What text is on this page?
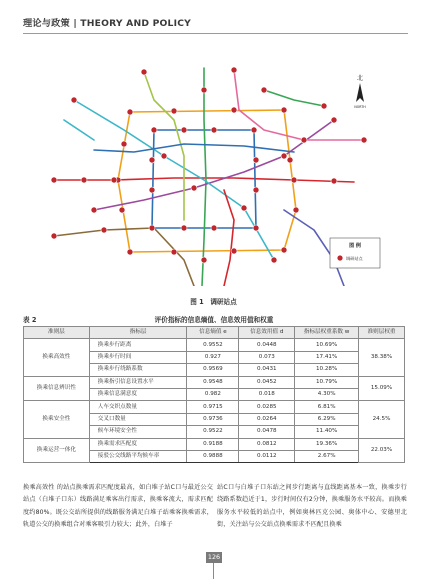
理论与政策 | THEORY AND POLICY
北
NORTH
图 例
调研站点
图 1　调研站点
表 2	评价指标的信息熵值、信息效用值和权重
准则层	指标层	信息熵值 e	信息效用值 d	指标层权重系数 w	准则层权重
换乘高效性	换乘步行距离	0.9552	0.0448	10.69%	38.38%
	换乘步行时间	0.927	0.073	17.41%	
	换乘步行绕路系数	0.9569	0.0431	10.28%	
换乘信息辨识性	换乘指引信息设置水平	0.9548	0.0452	10.79%	15.09%
	换乘信息满意度	0.982	0.018	4.30%	
换乘安全性	人车交织点数量	0.9715	0.0285	6.81%	24.5%
	交叉口数量	0.9736	0.0264	6.29%	
	候车环境安全性	0.9522	0.0478	11.40%	
换乘运营一体化	换乘需求匹配度	0.9188	0.0812	19.36%	22.03%
	接驳公交线路平均候车率	0.9888	0.0112	2.67%	
换乘高效性 的站点换乘需求匹配度最高，如白堆子站C口与最近公交站点（白堆子口东）线路满足乘客出行需求，换乘客流大，需求匹配度约80%。既公交站所提供的线路服务满足白堆子站乘客换乘需求，轨道公交的换乘组合对乘客吸引力较大；此外，白堆子
站C口与白堆子口东站之间步行距离与直线距离基本一致，换乘步行绕路系数趋近于1，步行时间仅有2分钟，换乘服务水平较高。而换乘服务水平较低的站点中，例如奥林匹克公园、奥体中心、安德里北街，关注站与公交站点换乘需求不匹配且换乘
126
